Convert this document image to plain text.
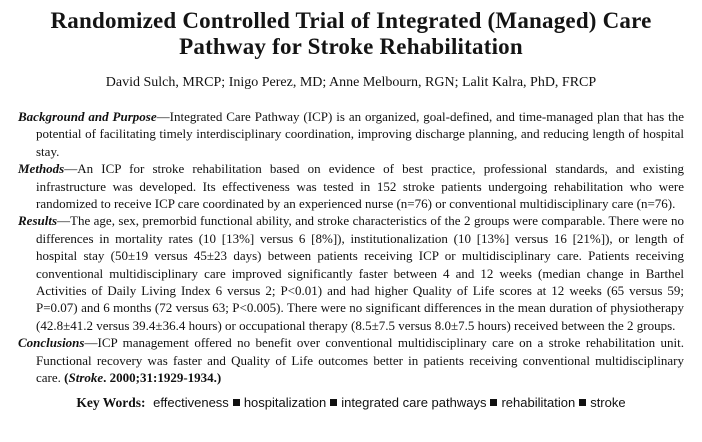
Randomized Controlled Trial of Integrated (Managed) Care
Pathway for Stroke Rehabilitation

David Sulch, MRCP; Inigo Perez, MD; Anne Melbourn, RGN; Lalit Kalra, PhD, FRCP

Background and Purpose—Integrated Care Pathway (ICP) is an organized, goal-defined, and time-managed plan that has the potential of facilitating timely interdisciplinary coordination, improving discharge planning, and reducing length of hospital stay.

Methods—An ICP for stroke rehabilitation based on evidence of best practice, professional standards, and existing infrastructure was developed. Its effectiveness was tested in 152 stroke patients undergoing rehabilitation who were randomized to receive ICP care coordinated by an experienced nurse (n=76) or conventional multidisciplinary care (n=76).

Results—The age, sex, premorbid functional ability, and stroke characteristics of the 2 groups were comparable. There were no differences in mortality rates (10 [13%] versus 6 [8%]), institutionalization (10 [13%] versus 16 [21%]), or length of hospital stay (50±19 versus 45±23 days) between patients receiving ICP or multidisciplinary care. Patients receiving conventional multidisciplinary care improved significantly faster between 4 and 12 weeks (median change in Barthel Activities of Daily Living Index 6 versus 2; P<0.01) and had higher Quality of Life scores at 12 weeks (65 versus 59; P=0.07) and 6 months (72 versus 63; P<0.005). There were no significant differences in the mean duration of physiotherapy (42.8±41.2 versus 39.4±36.4 hours) or occupational therapy (8.5±7.5 versus 8.0±7.5 hours) received between the 2 groups.

Conclusions—ICP management offered no benefit over conventional multidisciplinary care on a stroke rehabilitation unit. Functional recovery was faster and Quality of Life outcomes better in patients receiving conventional multidisciplinary care. (Stroke. 2000;31:1929-1934.)

Key Words: effectiveness hospitalization integrated care pathways rehabilitation stroke
